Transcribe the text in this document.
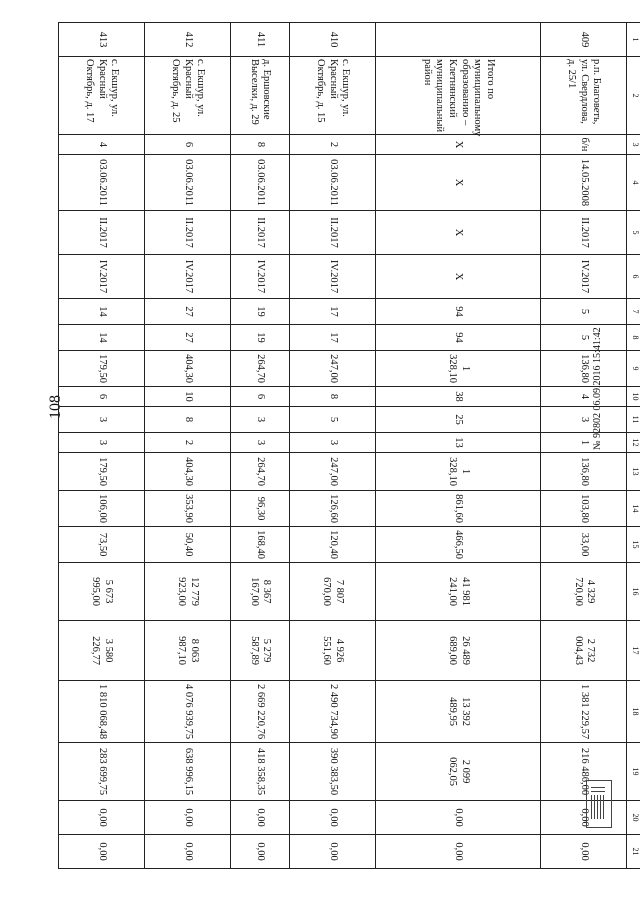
108
1	2	3	4	5	6	7	8	9	10	11	12	13	14	15	16	17	18	19	20	21
409	р.п. Благоветь, ул. Свердлова, д. 25/1	б/н	14.05.2008	II.2017	IV.2017	5	5	136,80	4	3	1	136,80	103,80	33,00	4 329 720,00	2 732 004,43	1 381 229,57	216 486,00	0,00	0,00
	Итого по муниципальному образованию – Клетнянский муниципальный район	X	X	X	X	94	94	1 328,10	38	25	13	1 328,10	861,60	466,50	41 981 241,00	26 489 689,00	13 392 489,95	2 099 062,05	0,00	0,00
410	с. Екшур, ул. Красный Октябрь, д. 15	2	03.06.2011	II.2017	IV.2017	17	17	247,00	8	5	3	247,00	126,60	120,40	7 807 670,00	4 926 551,60	2 490 734,90	390 383,50	0,00	0,00
411	д. Ершовские Выселки, д. 29	8	03.06.2011	II.2017	IV.2017	19	19	264,70	6	3	3	264,70	96,30	168,40	8 367 167,00	5 279 587,89	2 669 220,76	418 358,35	0,00	0,00
412	с. Екшур, ул. Красный Октябрь, д. 25	6	03.06.2011	II.2017	IV.2017	27	27	404,30	10	8	2	404,30	353,90	50,40	12 779 923,00	8 063 987,10	4 076 939,75	638 996,15	0,00	0,00
413	с. Екшур, ул. Красный Октябрь, д. 17	4	03.06.2011	II.2017	IV.2017	14	14	179,50	6	3	3	179,50	106,00	73,50	5 673 995,00	3 580 226,77	1 810 068,48	283 699,75	0,00	0,00
№ 92802 06.09.2016 15:41:42
